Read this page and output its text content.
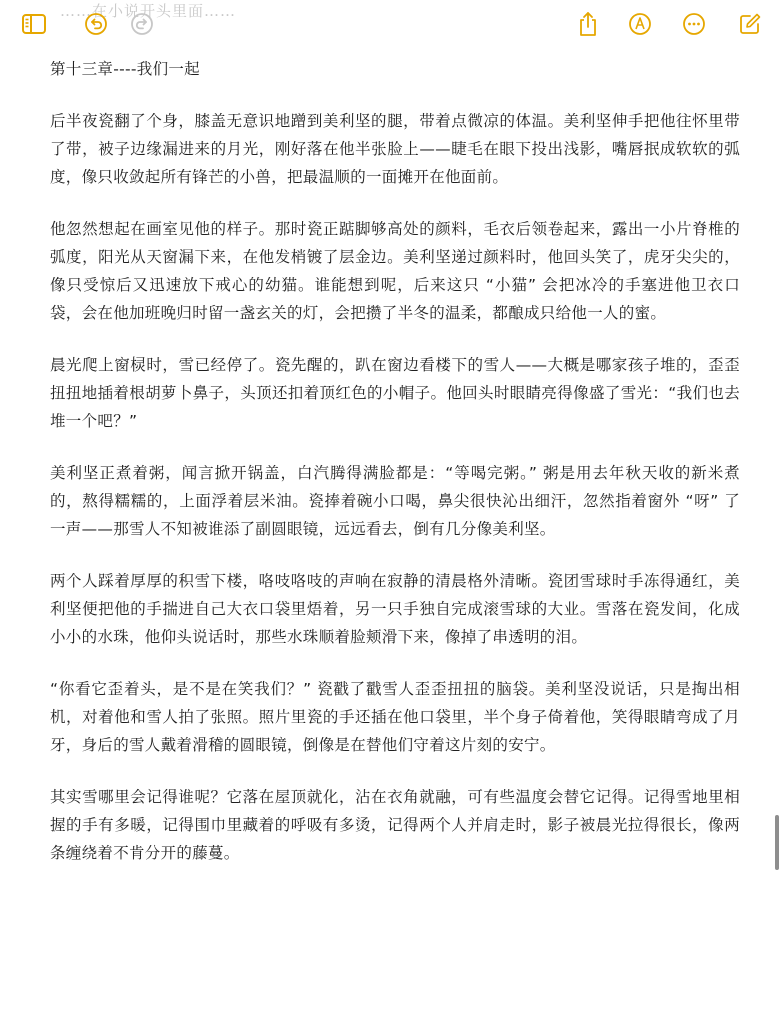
……在小说开头里面……
第十三章----我们一起

后半夜瓷翻了个身，膝盖无意识地蹭到美利坚的腿，带着点微凉的体温。美利坚伸手把他往怀里带了带，被子边缘漏进来的月光，刚好落在他半张脸上——睫毛在眼下投出浅影，嘴唇抿成软软的弧度，像只收敛起所有锋芒的小兽，把最温顺的一面摊开在他面前。

他忽然想起在画室见他的样子。那时瓷正踮脚够高处的颜料，毛衣后领卷起来，露出一小片脊椎的弧度，阳光从天窗漏下来，在他发梢镀了层金边。美利坚递过颜料时，他回头笑了，虎牙尖尖的，像只受惊后又迅速放下戒心的幼猫。谁能想到呢，后来这只 “小猫” 会把冰冷的手塞进他卫衣口袋，会在他加班晚归时留一盏玄关的灯，会把攒了半冬的温柔，都酿成只给他一人的蜜。

晨光爬上窗棂时，雪已经停了。瓷先醒的，趴在窗边看楼下的雪人——大概是哪家孩子堆的，歪歪扭扭地插着根胡萝卜鼻子，头顶还扣着顶红色的小帽子。他回头时眼睛亮得像盛了雪光：“我们也去堆一个吧？”

美利坚正煮着粥，闻言掀开锅盖，白汽腾得满脸都是：“等喝完粥。” 粥是用去年秋天收的新米煮的，熬得糯糯的，上面浮着层米油。瓷捧着碗小口喝，鼻尖很快沁出细汗，忽然指着窗外 “呀” 了一声——那雪人不知被谁添了副圆眼镜，远远看去，倒有几分像美利坚。

两个人踩着厚厚的积雪下楼，咯吱咯吱的声响在寂静的清晨格外清晰。瓷团雪球时手冻得通红，美利坚便把他的手揣进自己大衣口袋里焐着，另一只手独自完成滚雪球的大业。雪落在瓷发间，化成小小的水珠，他仰头说话时，那些水珠顺着脸颊滑下来，像掉了串透明的泪。

“你看它歪着头，是不是在笑我们？” 瓷戳了戳雪人歪歪扭扭的脑袋。美利坚没说话，只是掏出相机，对着他和雪人拍了张照。照片里瓷的手还插在他口袋里，半个身子倚着他，笑得眼睛弯成了月牙，身后的雪人戴着滑稽的圆眼镜，倒像是在替他们守着这片刻的安宁。

其实雪哪里会记得谁呢？它落在屋顶就化，沾在衣角就融，可有些温度会替它记得。记得雪地里相握的手有多暖，记得围巾里藏着的呼吸有多烫，记得两个人并肩走时，影子被晨光拉得很长，像两条缠绕着不肯分开的藤蔓。
